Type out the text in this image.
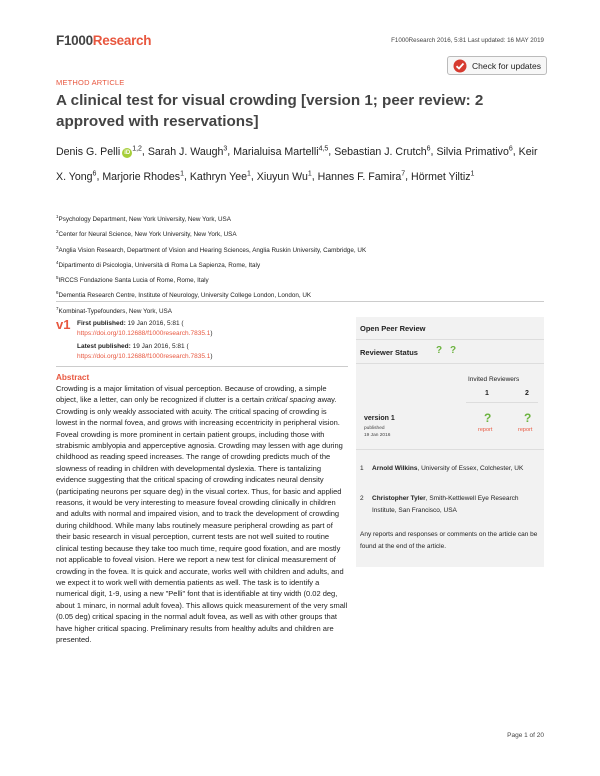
F1000Research	F1000Research 2016, 5:81 Last updated: 16 MAY 2019
Check for updates
METHOD ARTICLE
A clinical test for visual crowding [version 1; peer review: 2 approved with reservations]
Denis G. Pelli iD$^{1,2}$, Sarah J. Waugh$^3$, Marialuisa Martelli$^{4,5}$, Sebastian J. Crutch$^6$, Silvia Primativo$^6$, Keir X. Yong$^6$, Marjorie Rhodes$^1$, Kathryn Yee$^1$, Xiuyun Wu$^1$, Hannes F. Famira$^7$, Hörmet Yiltiz$^1$
$^1$Psychology Department, New York University, New York, USA
$^2$Center for Neural Science, New York University, New York, USA
$^3$Anglia Vision Research, Department of Vision and Hearing Sciences, Anglia Ruskin University, Cambridge, UK
$^4$Dipartimento di Psicologia, Università di Roma La Sapienza, Rome, Italy
$^5$IRCCS Fondazione Santa Lucia of Rome, Rome, Italy
$^6$Dementia Research Centre, Institute of Neurology, University College London, London, UK
$^7$Kombinat-Typefounders, New York, USA
v1 First published: 19 Jan 2016, 5:81 (
https://doi.org/10.12688/f1000research.7835.1)
Latest published: 19 Jan 2016, 5:81 (
https://doi.org/10.12688/f1000research.7835.1)
Abstract
Crowding is a major limitation of visual perception. Because of crowding, a simple object, like a letter, can only be recognized if clutter is a certain critical spacing away. Crowding is only weakly associated with acuity. The critical spacing of crowding is lowest in the normal fovea, and grows with increasing eccentricity in peripheral vision. Foveal crowding is more prominent in certain patient groups, including those with strabismic amblyopia and apperceptive agnosia. Crowding may lessen with age during childhood as reading speed increases. The range of crowding predicts much of the slowness of reading in children with developmental dyslexia. There is tantalizing evidence suggesting that the critical spacing of crowding indicates neural density (participating neurons per square deg) in the visual cortex. Thus, for basic and applied reasons, it would be very interesting to measure foveal crowding clinically in children and adults with normal and impaired vision, and to track the development of crowding during childhood. While many labs routinely measure peripheral crowding as part of their basic research in visual perception, current tests are not well suited to routine clinical testing because they take too much time, require good fixation, and are mostly not applicable to foveal vision. Here we report a new test for clinical measurement of crowding in the fovea. It is quick and accurate, works well with children and adults, and we expect it to work well with dementia patients as well. The task is to identify a numerical digit, 1-9, using a new "Pelli" font that is identifiable at tiny width (0.02 deg, about 1 minarc, in normal adult fovea). This allows quick measurement of the very small (0.05 deg) critical spacing in the normal adult fovea, as well as with other groups that have higher critical spacing. Preliminary results from healthy adults and children are presented.
Open Peer Review
Reviewer Status ? ?
Invited Reviewers
1	2
version 1
published
19 Jan 2016
?	?
report	report
1 Arnold Wilkins, University of Essex, Colchester, UK
2 Christopher Tyler, Smith-Kettlewell Eye Research Institute, San Francisco, USA
Any reports and responses or comments on the article can be found at the end of the article.
Page 1 of 20
